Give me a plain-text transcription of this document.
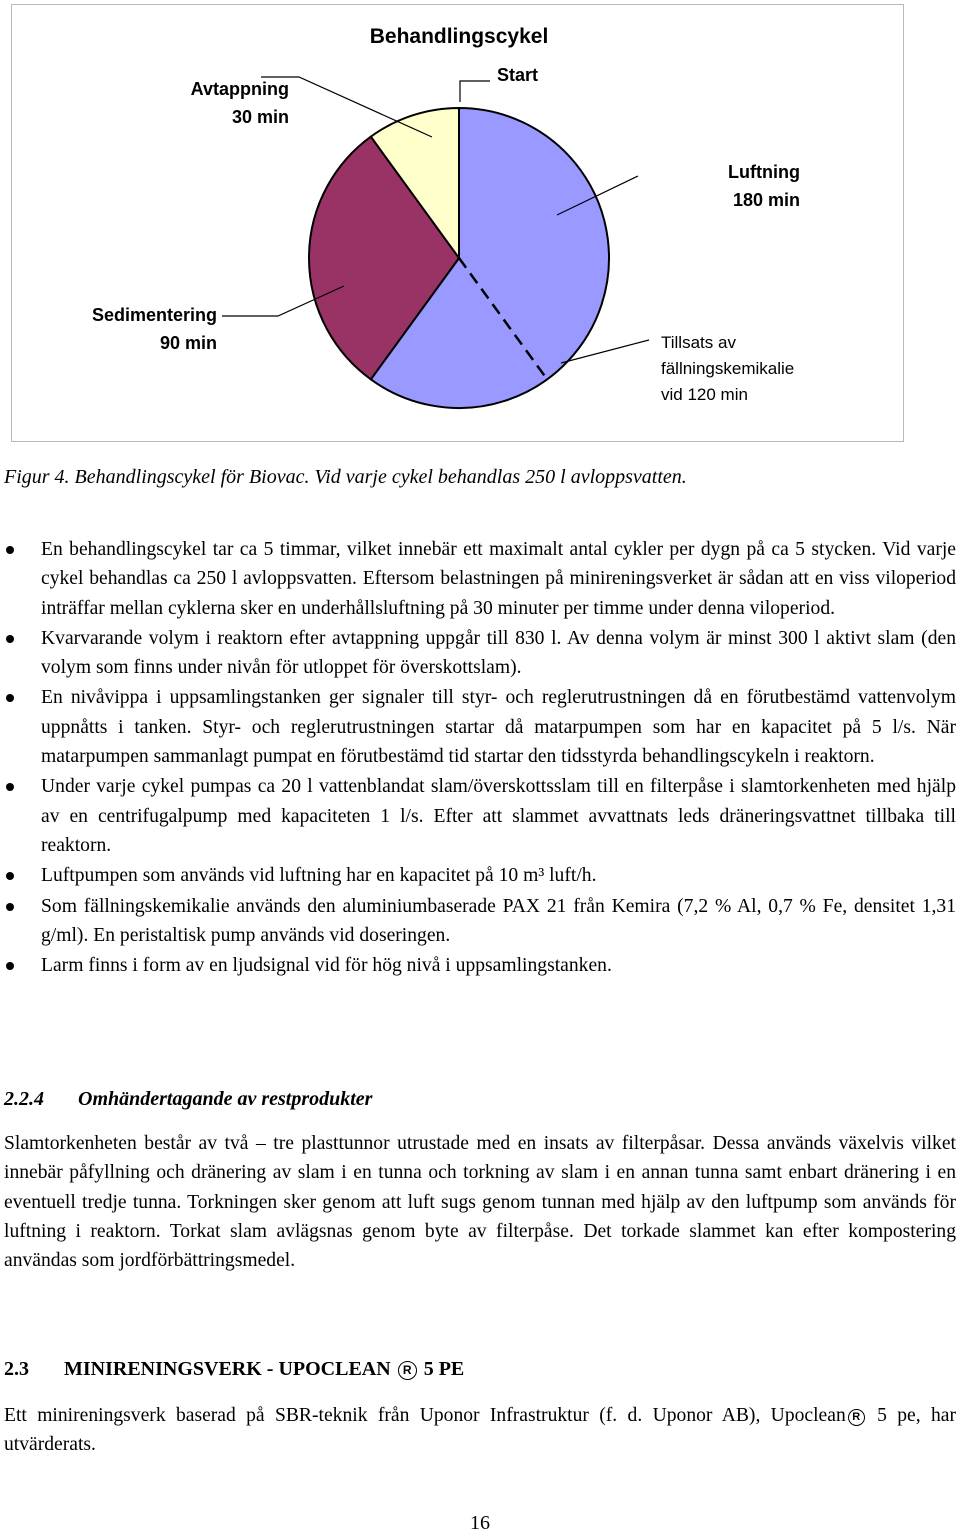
Behandlingscykel
Start
Luftning
180 min
Sedimentering
90 min
Avtappning
30 min
Tillsats av
fällningskemikalie
vid 120 min
Figur 4. Behandlingscykel för Biovac. Vid varje cykel behandlas 250 l avloppsvatten.
En behandlingscykel tar ca 5 timmar, vilket innebär ett maximalt antal cykler per dygn på ca 5 stycken. Vid varje cykel behandlas ca 250 l avloppsvatten. Eftersom belastningen på minireningsverket är sådan att en viss viloperiod inträffar mellan cyklerna sker en underhållsluftning på 30 minuter per timme under denna viloperiod.
Kvarvarande volym i reaktorn efter avtappning uppgår till 830 l. Av denna volym är minst 300 l aktivt slam (den volym som finns under nivån för utloppet för överskottslam).
En nivåvippa i uppsamlingstanken ger signaler till styr- och reglerutrustningen då en förutbestämd vattenvolym uppnåtts i tanken. Styr- och reglerutrustningen startar då matarpumpen som har en kapacitet på 5 l/s. När matarpumpen sammanlagt pumpat en förutbestämd tid startar den tidsstyrda behandlingscykeln i reaktorn.
Under varje cykel pumpas ca 20 l vattenblandat slam/överskottsslam till en filterpåse i slamtorkenheten med hjälp av en centrifugalpump med kapaciteten 1 l/s. Efter att slammet avvattnats leds dräneringsvattnet tillbaka till reaktorn.
Luftpumpen som används vid luftning har en kapacitet på 10 m³ luft/h.
Som fällningskemikalie används den aluminiumbaserade PAX 21 från Kemira (7,2 % Al, 0,7 % Fe, densitet 1,31 g/ml). En peristaltisk pump används vid doseringen.
Larm finns i form av en ljudsignal vid för hög nivå i uppsamlingstanken.
2.2.4 Omhändertagande av restprodukter

Slamtorkenheten består av två – tre plasttunnor utrustade med en insats av filterpåsar. Dessa används växelvis vilket innebär påfyllning och dränering av slam i en tunna och torkning av slam i en annan tunna samt enbart dränering i en eventuell tredje tunna. Torkningen sker genom att luft sugs genom tunnan med hjälp av den luftpump som används för luftning i reaktorn. Torkat slam avlägsnas genom byte av filterpåse. Det torkade slammet kan efter kompostering användas som jordförbättringsmedel.

2.3 MINIRENINGSVERK - UPOCLEAN R 5 PE

Ett minireningsverk baserad på SBR-teknik från Uponor Infrastruktur (f. d. Uponor AB), Upoclean R 5 pe, har utvärderats.

16
